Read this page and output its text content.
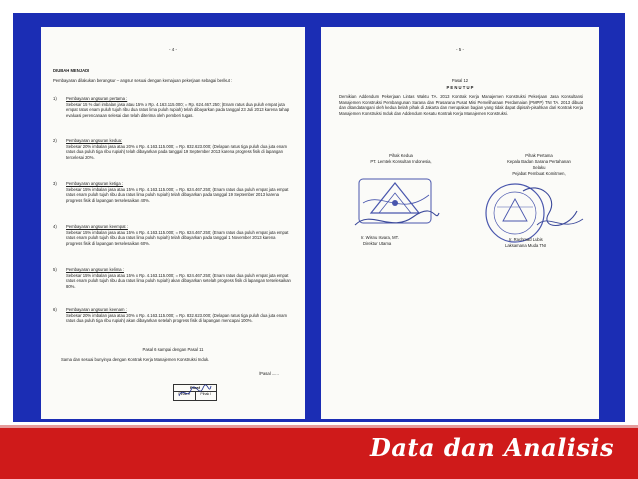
- 4 -

DIUBAH MENJADI

Pembayaran dilakukan berangsur – angsur sesuai dengan kemajuan pekerjaan sebagai berikut :

1) Pembayaran angsuran pertama :

Sebesar 15 % dari imbalan jasa atau 15% x Rp. 4.163.115.000; = Rp. 624.467.250; (Enam ratus dua puluh empat juta empat ratus enam puluh tujuh ribu dua ratus lima puluh rupiah) telah dibayarkan pada tanggal 23 Juli 2013 karena tahap evaluasi perencanaan selesai dan telah diterima oleh pemberi tugas.

2) Pembayaran angsuran kedua:

Sebesar 20% imbalan jasa atau 20% x Rp. 4.163.115.000; = Rp. 832.623.000; (Delapan ratus tiga puluh dua juta enam ratus dua puluh tiga ribu rupiah) telah dibayarkan pada tanggal 19 September 2013 karena progress fisik di lapangan tercelesai 20%.

3) Pembayaran angsuran ketiga :

Sebesar 15% imbalan jasa atau 15% x Rp. 4.163.115.000; = Rp. 624.467.250; (Enam ratus dua puluh empat juta empat ratus enam puluh tujuh ribu dua ratus lima puluh rupiah) telah dibayarkan pada tanggal 19 September 2013 karena progress fisik di lapangan terselesaikan 40%.

4) Pembayaran angsuran keempat :

Sebesar 15% imbalan jasa atau 15% x Rp. 4.163.115.000; = Rp. 624.467.250; (Enam ratus dua puluh empat juta empat ratus enam puluh tujuh ribu dua ratus lima puluh rupiah) telah dibayarkan pada tanggal 1 November 2013 karena progress fisik di lapangan terselesaikan 60%.

5) Pembayaran angsuran kelima :

Sebesar 15% imbalan jasa atau 15% x Rp. 4.163.115.000; = Rp. 624.467.250; (Enam ratus dua puluh empat juta empat ratus enam puluh tujuh ribu dua ratus lima puluh rupiah) akan dibayarkan setelah progress fisik di lapangan terselesaikan 80%.

6) Pembayaran angsuran keenam :

Sebesar 20% imbalan jasa atau 20% x Rp. 4.163.115.000; = Rp. 832.623.000; (Delapan ratus tiga puluh dua juta enam ratus dua puluh tiga ribu rupiah) akan dibayarkan setelah progress fisik di lapangan mencapai 100%.

Pasal 6 sampai dengan Pasal 11

Sama dan sesuai bunyinya dengan Kontrak Kerja Manajemen Konstruksi Induk.

/Pasal ......

Paraf
Pihak II	Pihak I
- 5 -

Pasal 12

P E N U T U P

Demikian Addendum Pekerjaan Lintas Waktu TA. 2013 Kontrak Kerja Manajemen Konstruksi Pekerjaan Jasa Konsultansi Manajemen Konstruksi Pembangunan Sarana dan Prasarana Pusat Misi Pemeliharaan Perdamaian (PMPP) TNI TA. 2013 dibuat dan ditandatangani oleh kedua belah pihak di Jakarta dan merupakan bagian yang tidak dapat dipisah-pisahkan dari Kontrak Kerja Manajemen Konstruksi Induk dan Addendum Kesatu Kontrak Kerja Manajemen Konstruksi.

Pihak Kedua

PT. Lemtek Konsultan Indonesia,

Pihak Pertama

Kepala Badan Sarana Pertahanan

Selaku

Pejabat Pembuat Komitmen,

Ir. Wisnu Isvara, MT.

Direktur Utama

Ir. Rachmad Lubis

Laksamana Muda TNI

Data dan Analisis
